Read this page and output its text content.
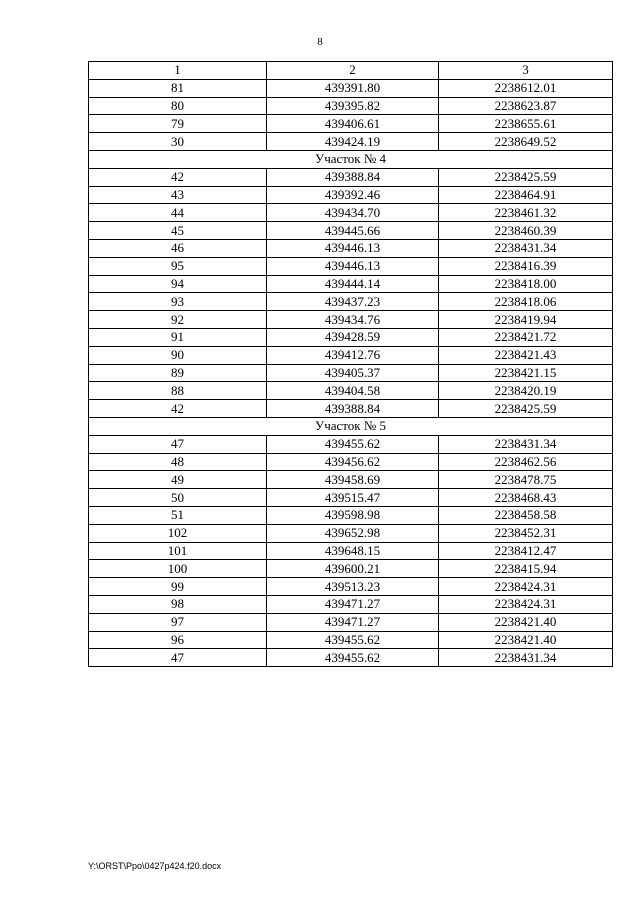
8
1	2	3
81	439391.80	2238612.01
80	439395.82	2238623.87
79	439406.61	2238655.61
30	439424.19	2238649.52
Участок № 4		
42	439388.84	2238425.59
43	439392.46	2238464.91
44	439434.70	2238461.32
45	439445.66	2238460.39
46	439446.13	2238431.34
95	439446.13	2238416.39
94	439444.14	2238418.00
93	439437.23	2238418.06
92	439434.76	2238419.94
91	439428.59	2238421.72
90	439412.76	2238421.43
89	439405.37	2238421.15
88	439404.58	2238420.19
42	439388.84	2238425.59
Участок № 5		
47	439455.62	2238431.34
48	439456.62	2238462.56
49	439458.69	2238478.75
50	439515.47	2238468.43
51	439598.98	2238458.58
102	439652.98	2238452.31
101	439648.15	2238412.47
100	439600.21	2238415.94
99	439513.23	2238424.31
98	439471.27	2238424.31
97	439471.27	2238421.40
96	439455.62	2238421.40
47	439455.62	2238431.34
Y:\ORST\Ppo\0427p424.f20.docx
